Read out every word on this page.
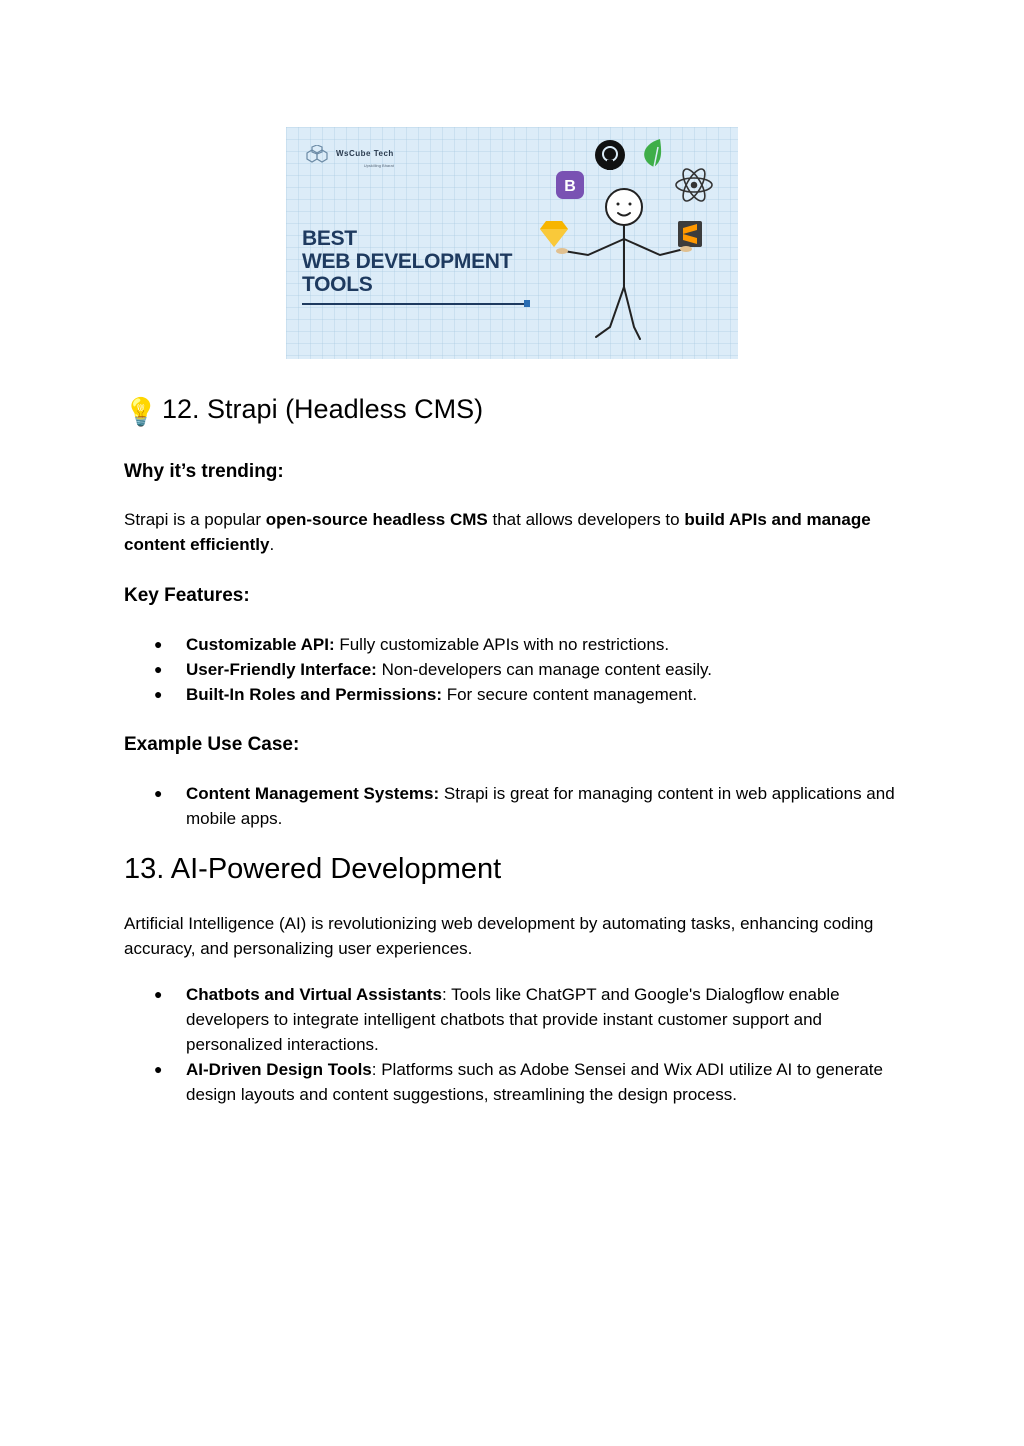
WsCube Tech
Upskilling Bharat
BEST
WEB DEVELOPMENT
TOOLS
B
💡 12. Strapi (Headless CMS)
Why it’s trending:

Strapi is a popular open-source headless CMS that allows developers to build APIs and manage content efficiently.

Key Features:
● Customizable API: Fully customizable APIs with no restrictions.
● User-Friendly Interface: Non-developers can manage content easily.
● Built-In Roles and Permissions: For secure content management.
Example Use Case:
● Content Management Systems: Strapi is great for managing content in web applications and mobile apps.
13. AI-Powered Development

Artificial Intelligence (AI) is revolutionizing web development by automating tasks, enhancing coding accuracy, and personalizing user experiences.

● Chatbots and Virtual Assistants: Tools like ChatGPT and Google's Dialogflow enable developers to integrate intelligent chatbots that provide instant customer support and personalized interactions.
● AI-Driven Design Tools: Platforms such as Adobe Sensei and Wix ADI utilize AI to generate design layouts and content suggestions, streamlining the design process.
